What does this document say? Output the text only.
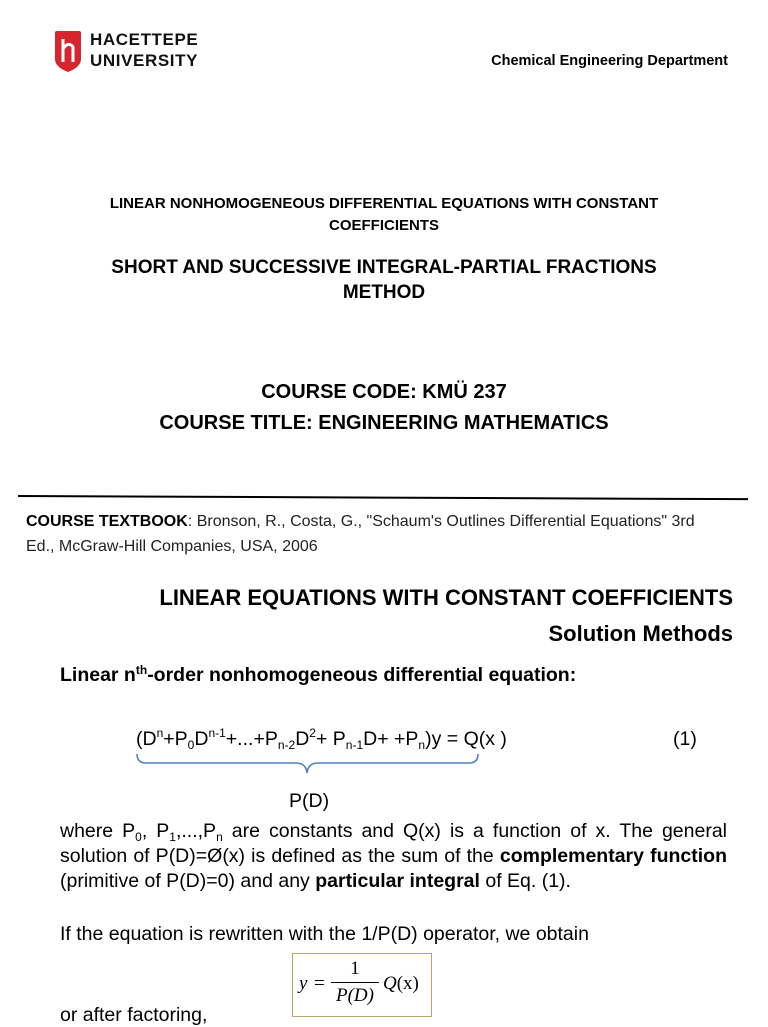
HACETTEPE
UNIVERSITY	Chemical Engineering Department
LINEAR NONHOMOGENEOUS DIFFERENTIAL EQUATIONS WITH CONSTANT COEFFICIENTS
SHORT AND SUCCESSIVE INTEGRAL-PARTIAL FRACTIONS METHOD
COURSE CODE: KMÜ 237
COURSE TITLE: ENGINEERING MATHEMATICS
COURSE TEXTBOOK: Bronson, R., Costa, G., "Schaum's Outlines Differential Equations" 3rd Ed., McGraw-Hill Companies, USA, 2006
LINEAR EQUATIONS WITH CONSTANT COEFFICIENTS
Solution Methods
Linear $n^{th}$-order nonhomogeneous differential equation:
$(D^n+P_0D^{n-1}+...+P_{n-2}D^2+ P_{n-1}D+ +P_n)y = Q(x$ )	(1)
P(D)
where $P_0$, $P_1,...,P_n$ are constants and Q(x) is a function of x. The general solution of P(D)=Ø(x) is defined as the sum of the complementary function (primitive of P(D)=0) and any particular integral of Eq. (1).
If the equation is rewritten with the 1/P(D) operator, we obtain
y =
1
P(D)
Q(x)
or after factoring,
